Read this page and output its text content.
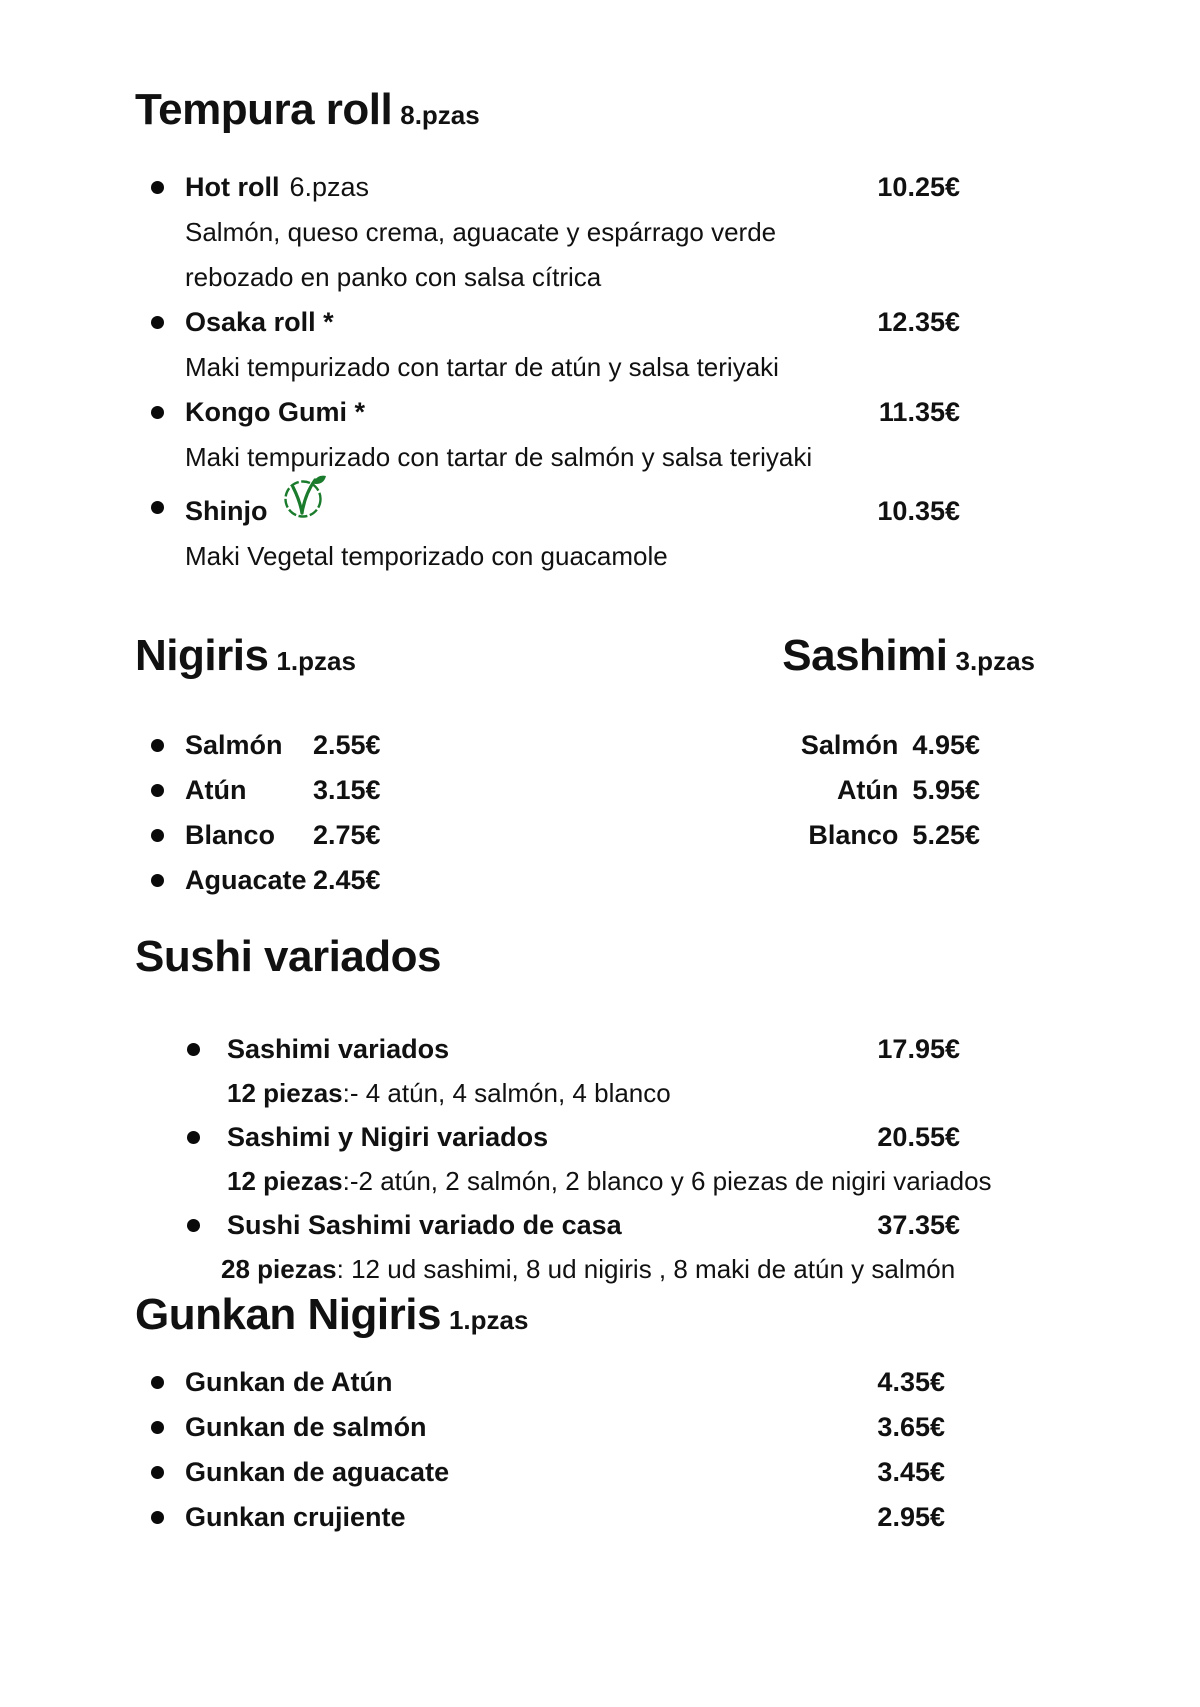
Tempura roll 8.pzas
Hot roll 6.pzas	10.25€
Salmón, queso crema, aguacate y espárrago verde
rebozado en panko con salsa cítrica
Osaka roll *	12.35€
Maki tempurizado con tartar de atún y salsa teriyaki
Kongo Gumi *	11.35€
Maki tempurizado con tartar de salmón y salsa teriyaki
Shinjo	10.35€
Maki Vegetal temporizado con guacamole
Nigiris 1.pzas
Salmón	2.55€
Atún	3.15€
Blanco	2.75€
Aguacate 2.45€
Sashimi 3.pzas
Salmón 4.95€
Atún 5.95€
Blanco 5.25€
Sushi variados
Sashimi variados	17.95€
12 piezas:- 4 atún, 4 salmón, 4 blanco
Sashimi y Nigiri variados	20.55€
12 piezas:-2 atún, 2 salmón, 2 blanco y 6 piezas de nigiri variados
Sushi Sashimi variado de casa	37.35€
28 piezas: 12 ud sashimi, 8 ud nigiris , 8 maki de atún y salmón
Gunkan Nigiris 1.pzas
Gunkan de Atún	4.35€
Gunkan de salmón	3.65€
Gunkan de aguacate	3.45€
Gunkan crujiente	2.95€
